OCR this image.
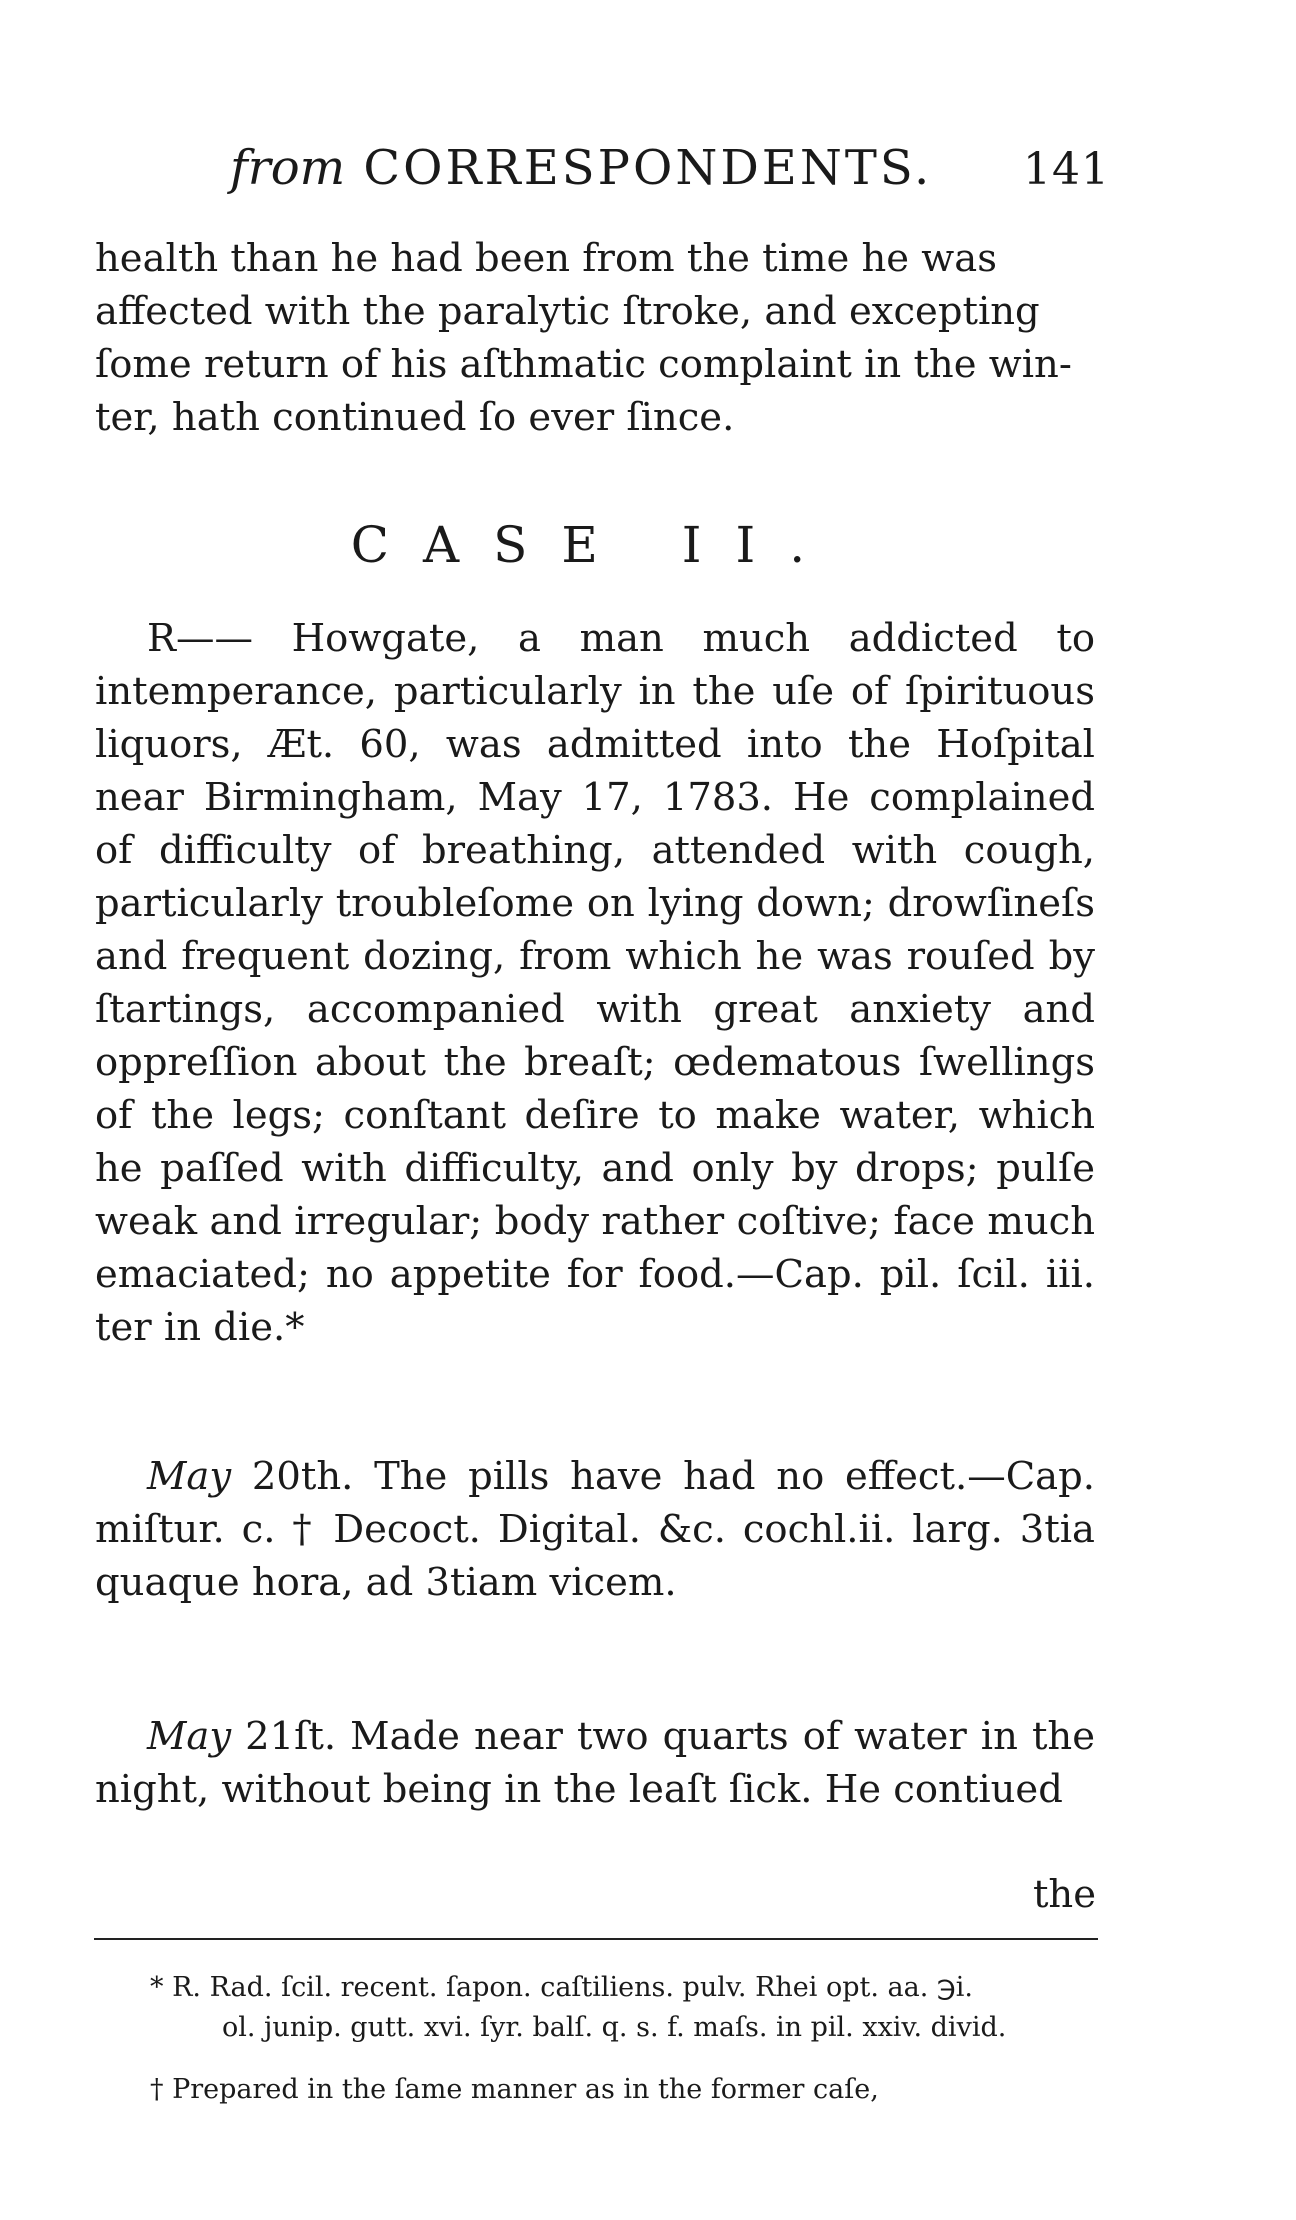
from CORRESPONDENTS. 141

health than he had been from the time he was

affected with the paralytic ſtroke, and excepting

ſome return of his aſthmatic complaint in the win-

ter, hath continued ſo ever ſince.

CASE II.

R—— Howgate, a man much addicted to intemperance, particularly in the uſe of ſpirituous liquors, Æt. 60, was admitted into the Hoſpital near Birmingham, May 17, 1783. He complained of difficulty of breathing, attended with cough, particularly troubleſome on lying down; drowſineſs and frequent dozing, from which he was rouſed by ſtartings, accompanied with great anxiety and oppreſſion about the breaſt; œdematous ſwellings of the legs; conſtant deſire to make water, which he paſſed with difficulty, and only by drops; pulſe weak and irregular; body rather coſtive; face much emaciated; no appetite for food.—Cap. pil. ſcil. iii. ter in die.*

May 20th. The pills have had no effect.—Cap. miſtur. c. † Decoct. Digital. &c. cochl.ii. larg. 3tia quaque hora, ad 3tiam vicem.

May 21ſt. Made near two quarts of water in the night, without being in the leaſt ſick. He contiued

the

* R. Rad. ſcil. recent. ſapon. caſtiliens. pulv. Rhei opt. aa. ℈i.
ol. junip. gutt. xvi. ſyr. balſ. q. s. f. maſs. in pil. xxiv. divid.

† Prepared in the ſame manner as in the former caſe,
